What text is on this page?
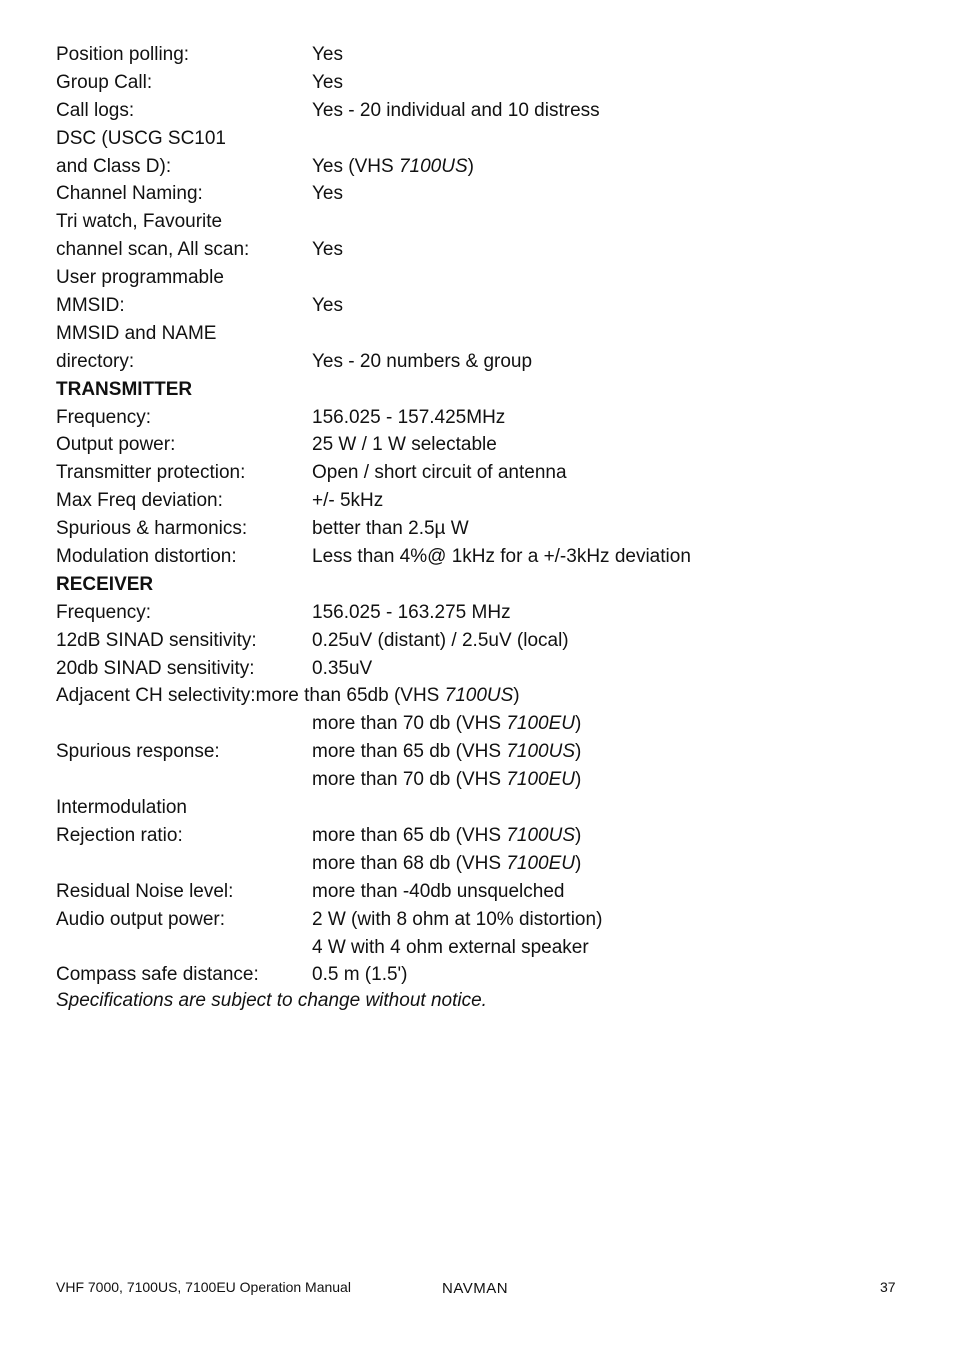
Position polling:	Yes
Group Call:	Yes
Call logs:	Yes - 20 individual and 10 distress
DSC (USCG SC101
and Class D):	Yes (VHS 7100US)
Channel Naming:	Yes
Tri watch, Favourite
channel scan, All scan:	Yes
User programmable
MMSID:	Yes
MMSID and NAME
directory:	Yes - 20 numbers & group
TRANSMITTER
Frequency:	156.025 - 157.425MHz
Output power:	25 W / 1 W selectable
Transmitter protection:	Open / short circuit of antenna
Max Freq deviation:	+/- 5kHz
Spurious & harmonics:	better than 2.5µ W
Modulation distortion:	Less than 4%@ 1kHz for a +/-3kHz deviation
RECEIVER
Frequency:	156.025 - 163.275 MHz
12dB SINAD sensitivity:	0.25uV (distant) / 2.5uV (local)
20db SINAD sensitivity:	0.35uV
Adjacent CH selectivity:more than 65db (VHS 7100US)
more than 70 db (VHS 7100EU)
Spurious response:	more than 65 db (VHS 7100US)
more than 70 db (VHS 7100EU)
Intermodulation
Rejection ratio:	more than 65 db (VHS 7100US)
more than 68 db (VHS 7100EU)
Residual Noise level:	more than -40db unsquelched
Audio output power:	2 W (with 8 ohm at 10% distortion)
4 W with 4 ohm external speaker
Compass safe distance:	0.5 m (1.5')
Specifications are subject to change without notice.
VHF 7000, 7100US, 7100EU Operation Manual	NAVMAN	37
